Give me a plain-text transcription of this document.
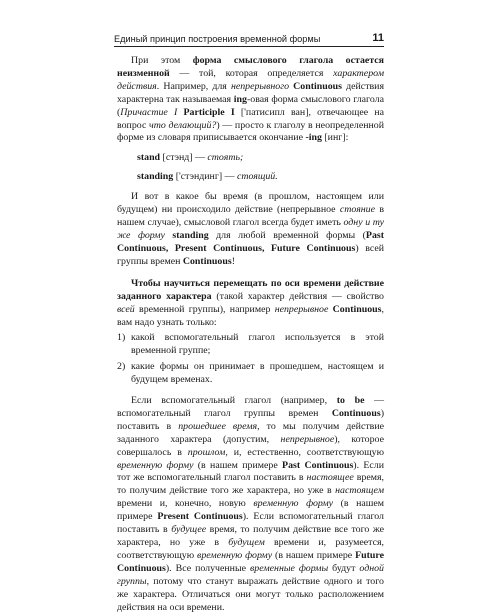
Единый принцип построения временной формы	11

При этом форма смыслового глагола остается неизменной — той, которая определяется характером действия. Например, для непрерывного Continuous действия характерна так называемая ing-овая форма смыслового глагола (Причастие I Participle I ['патисипл ван], отвечающее на вопрос что делающий?) — просто к глаголу в неопределенной форме из словаря приписывается окончание -ing [инг]:

stand [стэнд] — стоять;

standing ['стэндинг] — стоящий.

И вот в какое бы время (в прошлом, настоящем или будущем) ни происходило действие (непрерывное стояние в нашем случае), смысловой глагол всегда будет иметь одну и ту же форму standing для любой временной формы (Past Continuous, Present Continuous, Future Continuous) всей группы времен Continuous!

Чтобы научиться перемещать по оси времени действие заданного характера (такой характер действия — свойство всей временной группы), например непрерывное Continuous, вам надо узнать только:

1) какой вспомогательный глагол используется в этой временной группе;
2) какие формы он принимает в прошедшем, настоящем и будущем временах.

Если вспомогательный глагол (например, to be — вспомогательный глагол группы времен Continuous) поставить в прошедшее время, то мы получим действие заданного характера (допустим, непрерывное), которое совершалось в прошлом, и, естественно, соответствующую временную форму (в нашем примере Past Continuous). Если тот же вспомогательный глагол поставить в настоящее время, то получим действие того же характера, но уже в настоящем времени и, конечно, новую временную форму (в нашем примере Present Continuous). Если вспомогательный глагол поставить в будущее время, то получим действие все того же характера, но уже в будущем времени и, разумеется, соответствующую временную форму (в нашем примере Future Continuous). Все полученные временные формы будут одной группы, потому что станут выражать действие одного и того же характера. Отличаться они могут только расположением действия на оси времени.
